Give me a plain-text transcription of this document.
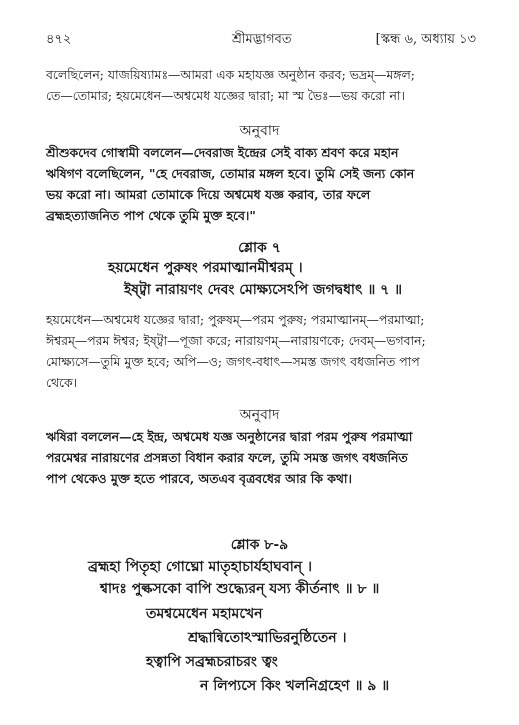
৪৭২	শ্রীমদ্ভাগবত	[স্কন্ধ ৬, অধ্যায় ১৩
বলেছিলেন; যাজয়িষ্যামঃ—আমরা এক মহাযজ্ঞ অনুষ্ঠান করব; ভদ্রম্—মঙ্গল;
তে—তোমার; হয়মেধেন—অশ্বমেধ যজ্ঞের দ্বারা; মা স্ম ভৈঃ—ভয় করো না।
অনুবাদ
শ্রীশুকদেব গোস্বামী বললেন—দেবরাজ ইন্দ্রের সেই বাক্য শ্রবণ করে মহান
ঋষিগণ বলেছিলেন, "হে দেবরাজ, তোমার মঙ্গল হবে। তুমি সেই জন্য কোন
ভয় করো না। আমরা তোমাকে দিয়ে অশ্বমেধ যজ্ঞ করাব, তার ফলে
ব্রহ্মহত্যাজনিত পাপ থেকে তুমি মুক্ত হবে।"
শ্লোক ৭
হয়মেধেন পুরুষং পরমাত্মানমীশ্বরম্ ।
ইষ্ট্বা নারায়ণং দেবং মোক্ষ্যসেঽপি জগদ্বধাৎ ॥ ৭ ॥
হয়মেধেন—অশ্বমেধ যজ্ঞের দ্বারা; পুরুষম্—পরম পুরুষ; পরমাত্মানম্—পরমাত্মা;
ঈশ্বরম্—পরম ঈশ্বর; ইষ্ট্বা—পূজা করে; নারায়ণম্—নারায়ণকে; দেবম্—ভগবান;
মোক্ষ্যসে—তুমি মুক্ত হবে; অপি—ও; জগৎ-বধাৎ—সমস্ত জগৎ বধজনিত পাপ
থেকে।
অনুবাদ
ঋষিরা বললেন—হে ইন্দ্র, অশ্বমেধ যজ্ঞ অনুষ্ঠানের দ্বারা পরম পুরুষ পরমাত্মা
পরমেশ্বর নারায়ণের প্রসন্নতা বিধান করার ফলে, তুমি সমস্ত জগৎ বধজনিত
পাপ থেকেও মুক্ত হতে পারবে, অতএব বৃত্রবধের আর কি কথা।
শ্লোক ৮-৯
ব্রহ্মহা পিতৃহা গোঘ্নো মাতৃহাচার্যহাঘবান্ ।
শ্বাদঃ পুল্কসকো বাপি শুদ্ধ্যেরন্ যস্য কীর্তনাৎ ॥ ৮ ॥
তমশ্বমেধেন মহামখেন
শ্রদ্ধান্বিতোঽস্মাভিরনুষ্ঠিতেন ।
হত্বাপি সব্রহ্মচরাচরং ত্বং
ন লিপ্যসে কিং খলনিগ্রহেণ ॥ ৯ ॥
